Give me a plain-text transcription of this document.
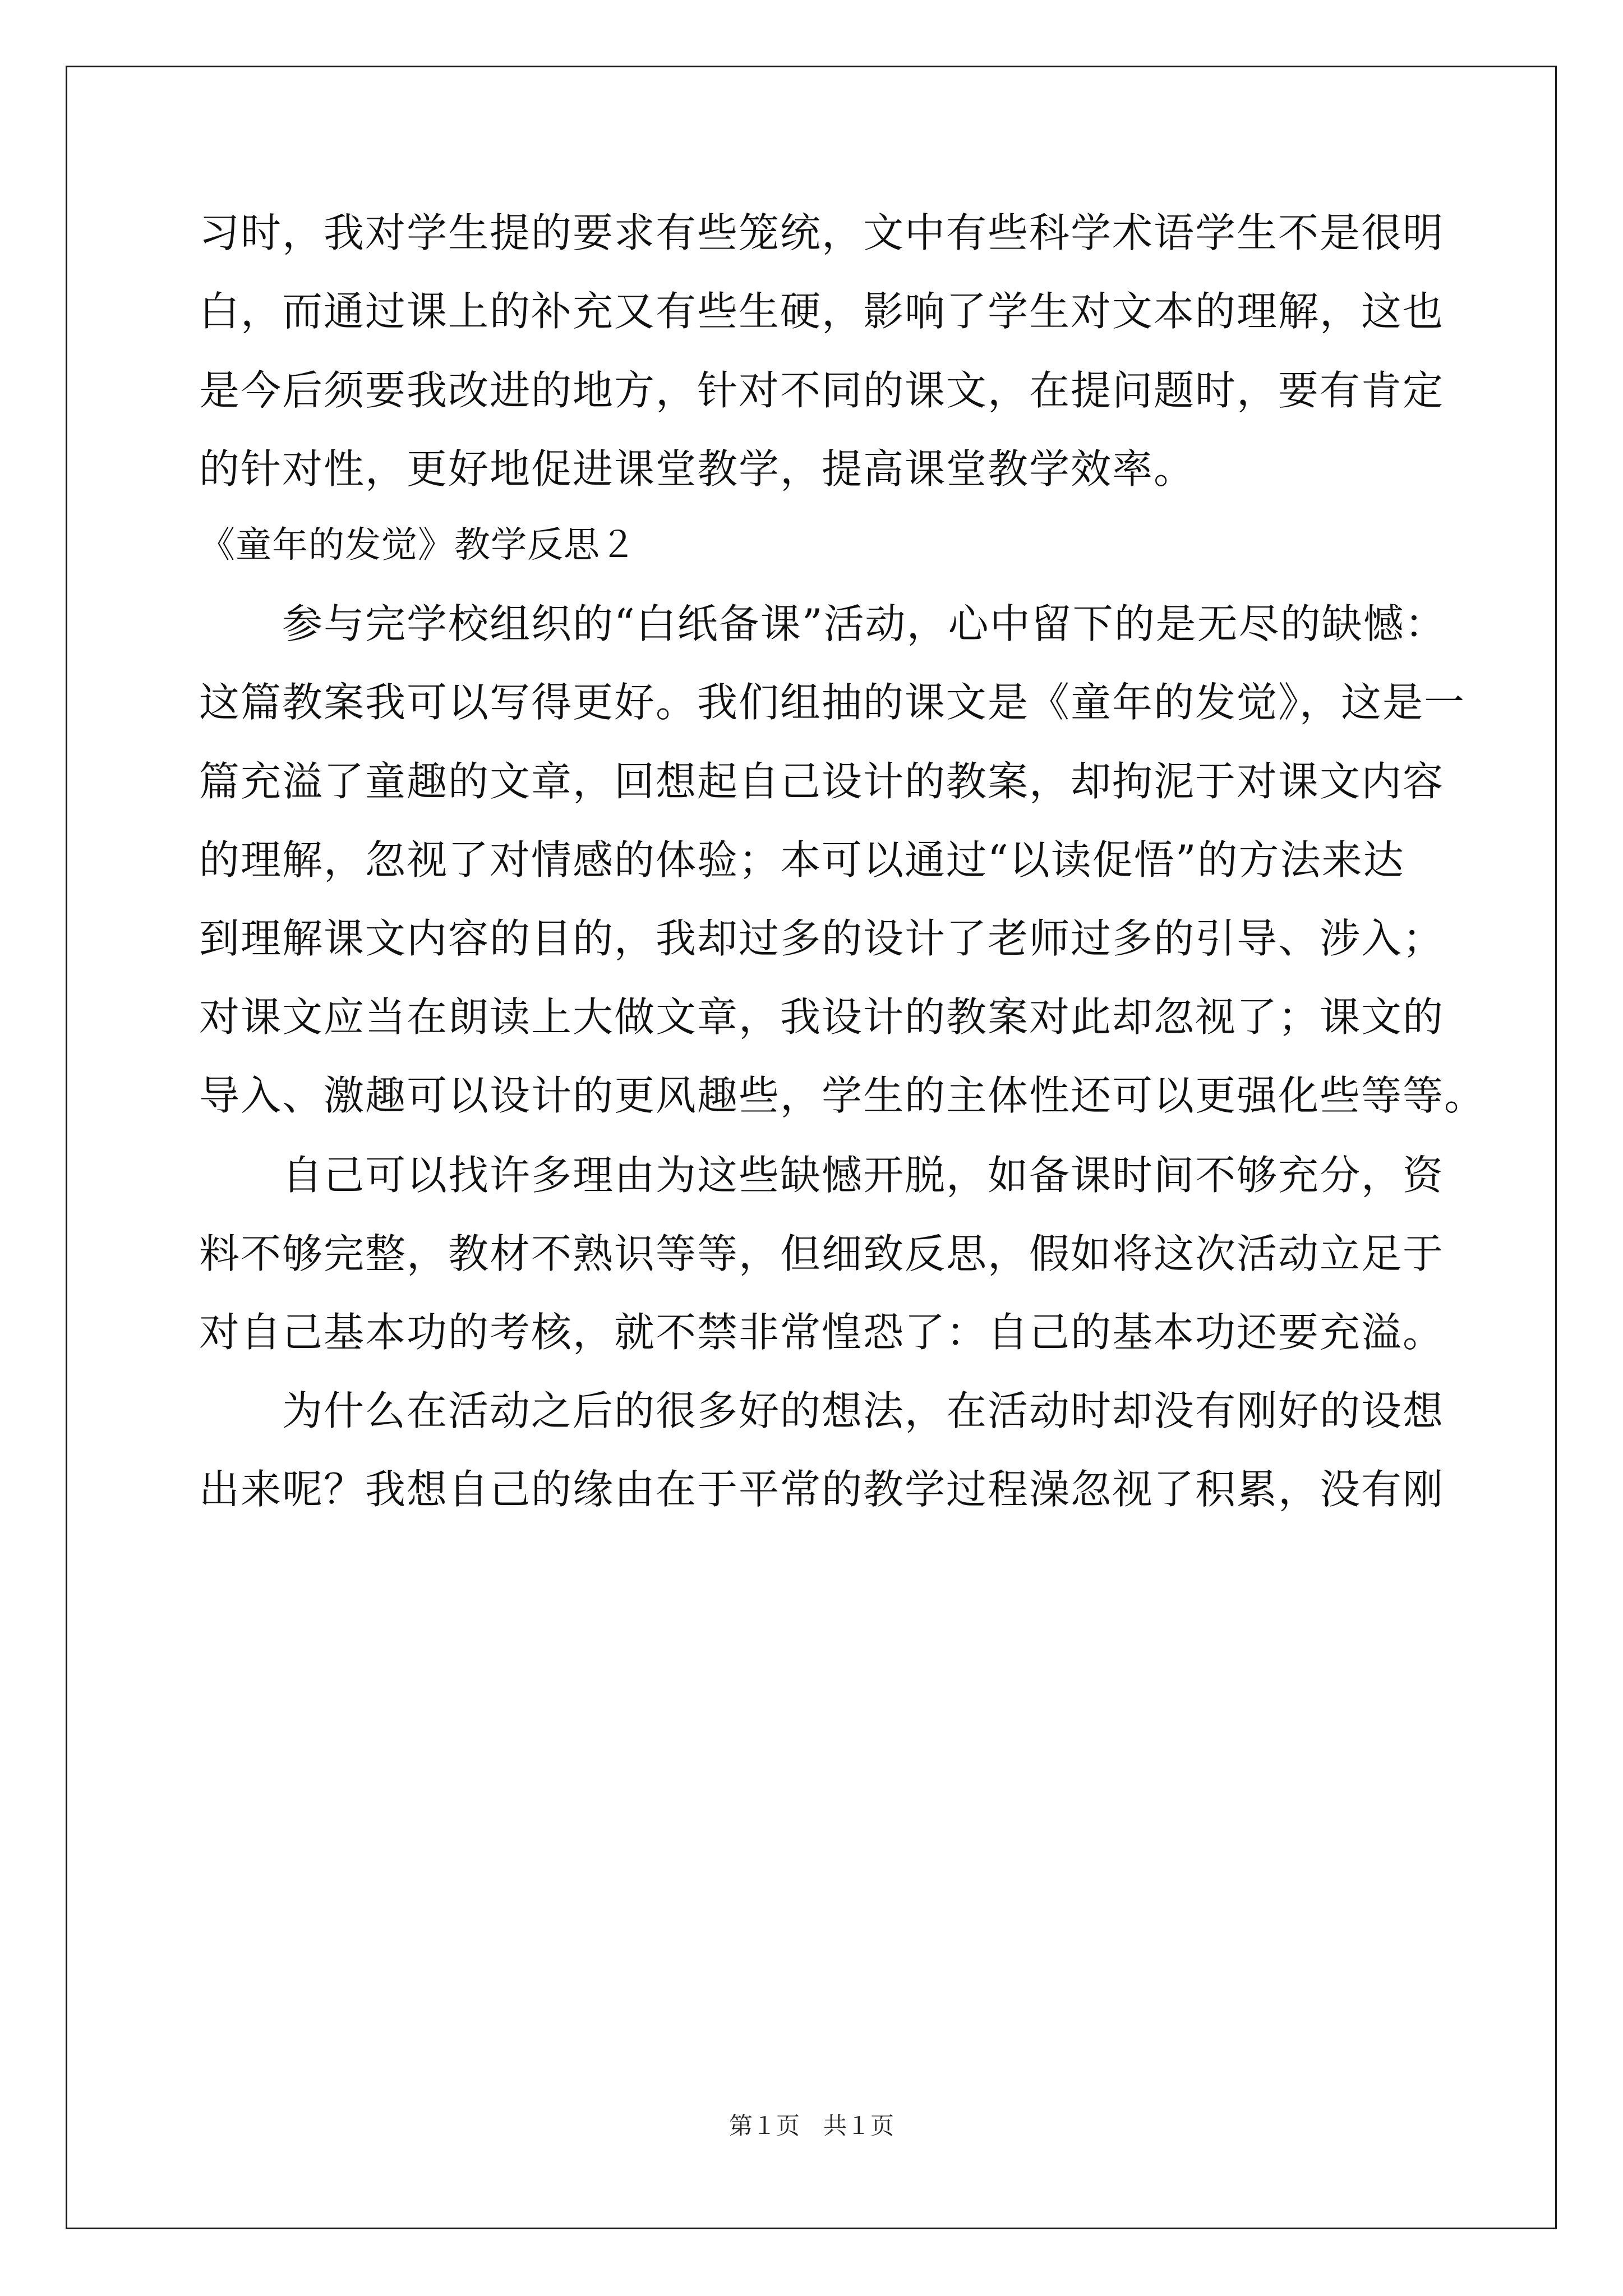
习时，我对学生提的要求有些笼统，文中有些科学术语学生不是很明
白，而通过课上的补充又有些生硬，影响了学生对文本的理解，这也
是今后须要我改进的地方，针对不同的课文，在提问题时，要有肯定
的针对性，更好地促进课堂教学，提高课堂教学效率。
《童年的发觉》教学反思２
　　参与完学校组织的“白纸备课”活动，心中留下的是无尽的缺憾：
这篇教案我可以写得更好。我们组抽的课文是《童年的发觉》，这是一
篇充溢了童趣的文章，回想起自己设计的教案，却拘泥于对课文内容
的理解，忽视了对情感的体验；本可以通过“以读促悟”的方法来达
到理解课文内容的目的，我却过多的设计了老师过多的引导、涉入；
对课文应当在朗读上大做文章，我设计的教案对此却忽视了；课文的
导入、激趣可以设计的更风趣些，学生的主体性还可以更强化些等等。
　　自己可以找许多理由为这些缺憾开脱，如备课时间不够充分，资
料不够完整，教材不熟识等等，但细致反思，假如将这次活动立足于
对自己基本功的考核，就不禁非常惶恐了：自己的基本功还要充溢。
　　为什么在活动之后的很多好的想法，在活动时却没有刚好的设想
出来呢？我想自己的缘由在于平常的教学过程澡忽视了积累，没有刚
第１页　共１页
